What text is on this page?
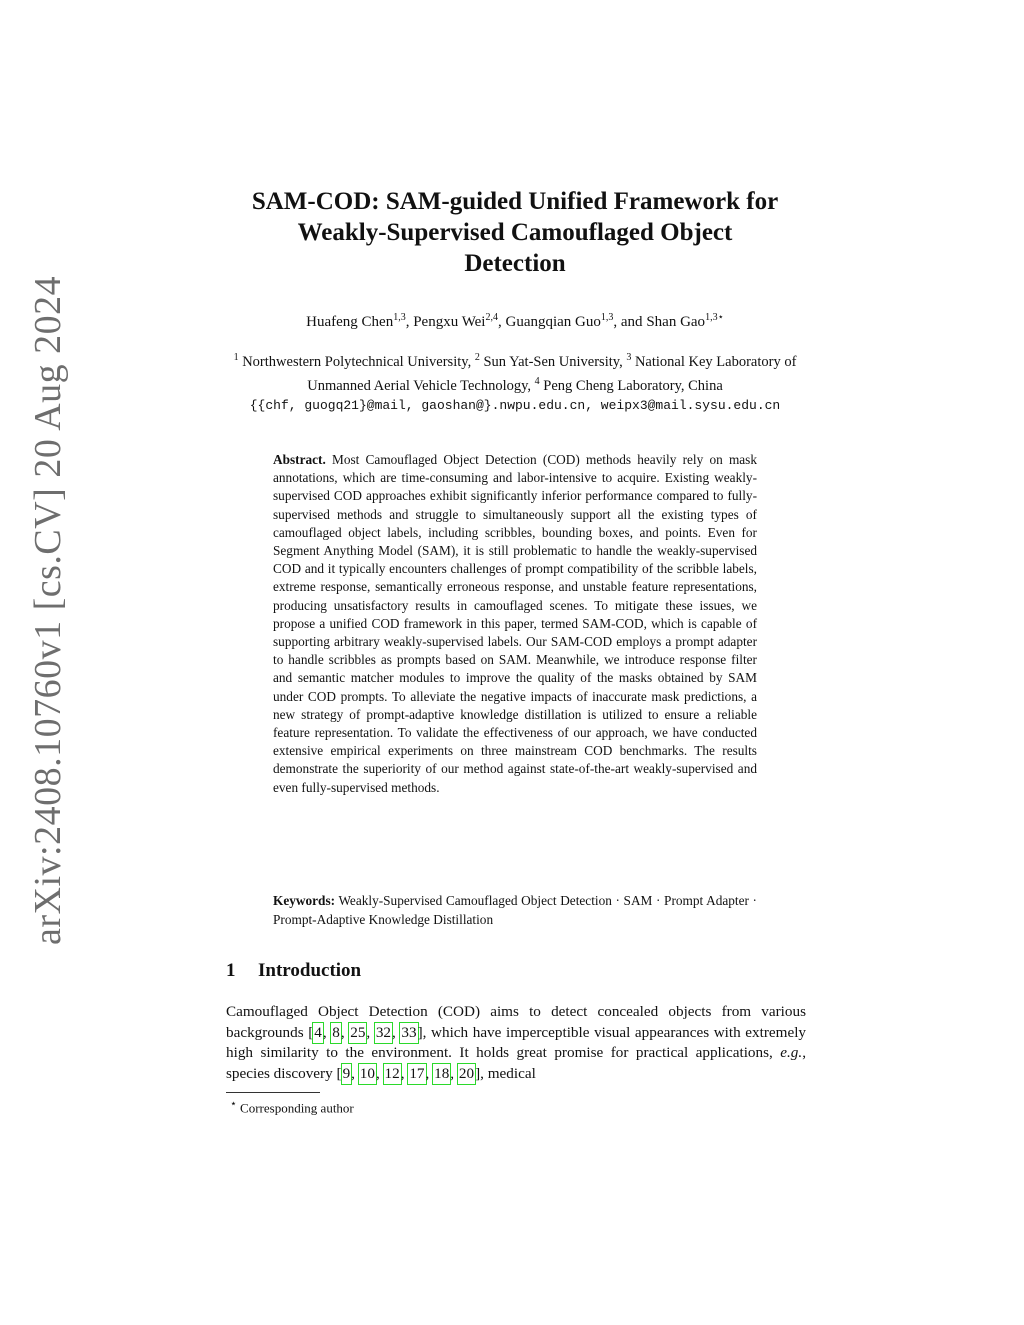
arXiv:2408.10760v1 [cs.CV] 20 Aug 2024
SAM-COD: SAM-guided Unified Framework for
Weakly-Supervised Camouflaged Object
Detection
Huafeng Chen$^{1,3}$, Pengxu Wei$^{2,4}$, Guangqian Guo$^{1,3}$, and Shan Gao$^{1,3⋆}$
$^1$ Northwestern Polytechnical University, $^2$ Sun Yat-Sen University, $^3$ National Key Laboratory of Unmanned Aerial Vehicle Technology, $^4$ Peng Cheng Laboratory, China
{{chf, guogq21}@mail, gaoshan@}.nwpu.edu.cn, weipx3@mail.sysu.edu.cn

Abstract. Most Camouflaged Object Detection (COD) methods heavily rely on mask annotations, which are time-consuming and labor-intensive to acquire. Existing weakly-supervised COD approaches exhibit significantly inferior performance compared to fully-supervised methods and struggle to simultaneously support all the existing types of camouflaged object labels, including scribbles, bounding boxes, and points. Even for Segment Anything Model (SAM), it is still problematic to handle the weakly-supervised COD and it typically encounters challenges of prompt compatibility of the scribble labels, extreme response, semantically erroneous response, and unstable feature representations, producing unsatisfactory results in camouflaged scenes. To mitigate these issues, we propose a unified COD framework in this paper, termed SAM-COD, which is capable of supporting arbitrary weakly-supervised labels. Our SAM-COD employs a prompt adapter to handle scribbles as prompts based on SAM. Meanwhile, we introduce response filter and semantic matcher modules to improve the quality of the masks obtained by SAM under COD prompts. To alleviate the negative impacts of inaccurate mask predictions, a new strategy of prompt-adaptive knowledge distillation is utilized to ensure a reliable feature representation. To validate the effectiveness of our approach, we have conducted extensive empirical experiments on three mainstream COD benchmarks. The results demonstrate the superiority of our method against state-of-the-art weakly-supervised and even fully-supervised methods.

Keywords: Weakly-Supervised Camouflaged Object Detection · SAM · Prompt Adapter · Prompt-Adaptive Knowledge Distillation

1 Introduction

Camouflaged Object Detection (COD) aims to detect concealed objects from various backgrounds [4, 8, 25, 32, 33], which have imperceptible visual appearances with extremely high similarity to the environment. It holds great promise for practical applications, e.g., species discovery [9, 10, 12, 17, 18, 20], medical

⋆ Corresponding author
